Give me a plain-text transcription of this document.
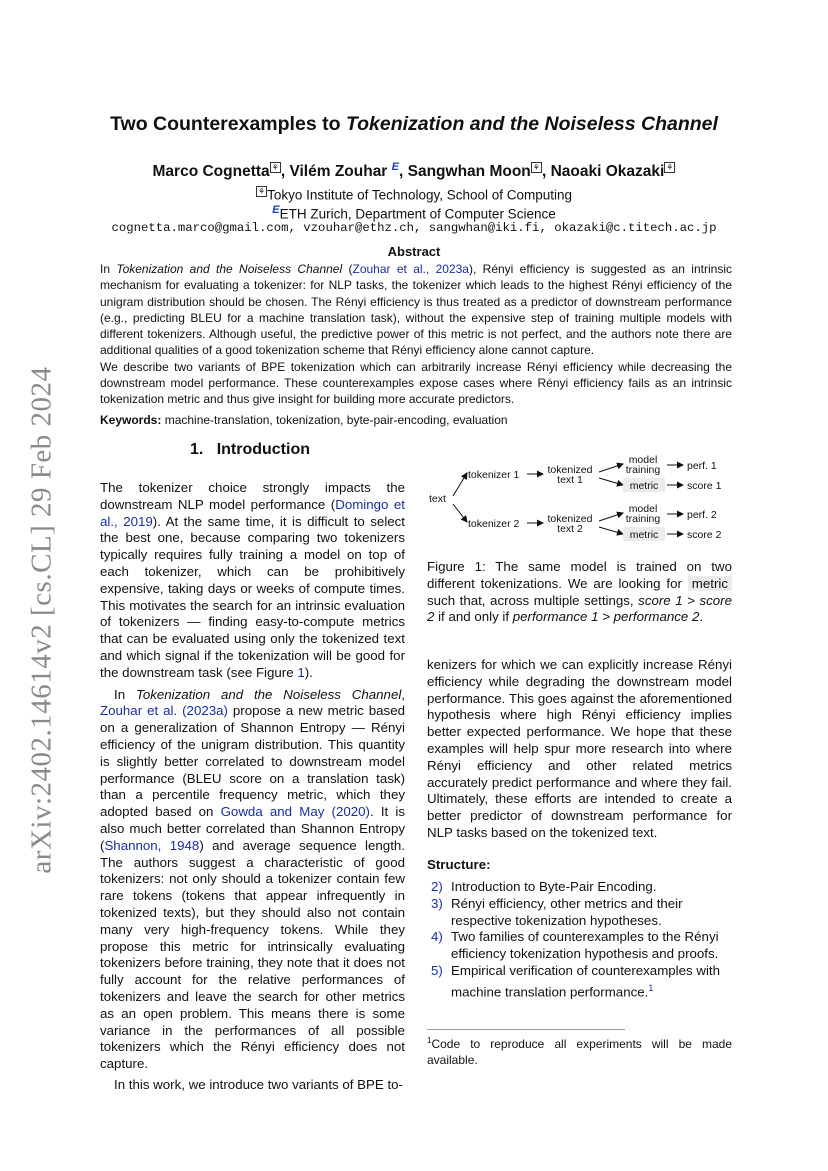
arXiv:2402.14614v2 [cs.CL] 29 Feb 2024
Two Counterexamples to Tokenization and the Noiseless Channel
Marco Cognetta ⚘ , Vilém Zouhar $^E$, Sangwhan Moon ⚘ , Naoaki Okazaki ⚘
⚘ Tokyo Institute of Technology, School of Computing
$^E$ETH Zurich, Department of Computer Science
cognetta.marco@gmail.com, vzouhar@ethz.ch, sangwhan@iki.fi, okazaki@c.titech.ac.jp
Abstract

In Tokenization and the Noiseless Channel (Zouhar et al., 2023a), Rényi efficiency is suggested as an intrinsic mechanism for evaluating a tokenizer: for NLP tasks, the tokenizer which leads to the highest Rényi efficiency of the unigram distribution should be chosen. The Rényi efficiency is thus treated as a predictor of downstream performance (e.g., predicting BLEU for a machine translation task), without the expensive step of training multiple models with different tokenizers. Although useful, the predictive power of this metric is not perfect, and the authors note there are additional qualities of a good tokenization scheme that Rényi efficiency alone cannot capture.

We describe two variants of BPE tokenization which can arbitrarily increase Rényi efficiency while decreasing the downstream model performance. These counterexamples expose cases where Rényi efficiency fails as an intrinsic tokenization metric and thus give insight for building more accurate predictors.

Keywords: machine-translation, tokenization, byte-pair-encoding, evaluation
1. Introduction

The tokenizer choice strongly impacts the downstream NLP model performance (Domingo et al., 2019). At the same time, it is difficult to select the best one, because comparing two tokenizers typically requires fully training a model on top of each tokenizer, which can be prohibitively expensive, taking days or weeks of compute times. This motivates the search for an intrinsic evaluation of tokenizers — finding easy-to-compute metrics that can be evaluated using only the tokenized text and which signal if the tokenization will be good for the downstream task (see Figure 1).

In Tokenization and the Noiseless Channel, Zouhar et al. (2023a) propose a new metric based on a generalization of Shannon Entropy — Rényi efficiency of the unigram distribution. This quantity is slightly better correlated to downstream model performance (BLEU score on a translation task) than a percentile frequency metric, which they adopted based on Gowda and May (2020). It is also much better correlated than Shannon Entropy (Shannon, 1948) and average sequence length. The authors suggest a characteristic of good tokenizers: not only should a tokenizer contain few rare tokens (tokens that appear infrequently in tokenized texts), but they should also not contain many very high-frequency tokens. While they propose this metric for intrinsically evaluating tokenizers before training, they note that it does not fully account for the relative performances of tokenizers and leave the search for other metrics as an open problem. This means there is some variance in the performances of all possible tokenizers which the Rényi efficiency does not capture.

In this work, we introduce two variants of BPE to-

text
tokenizer 1
tokenizer 2
tokenized
text 1
tokenized
text 2
model
training
model
training
metric
metric
perf. 1
score 1
perf. 2
score 2

Figure 1: The same model is trained on two different tokenizations. We are looking for metric such that, across multiple settings, score 1 > score 2 if and only if performance 1 > performance 2.

kenizers for which we can explicitly increase Rényi efficiency while degrading the downstream model performance. This goes against the aforementioned hypothesis where high Rényi efficiency implies better expected performance. We hope that these examples will help spur more research into where Rényi efficiency and other related metrics accurately predict performance and where they fail. Ultimately, these efforts are intended to create a better predictor of downstream performance for NLP tasks based on the tokenized text.

Structure:
2) Introduction to Byte-Pair Encoding.
3) Rényi efficiency, other metrics and their respective tokenization hypotheses.
4) Two families of counterexamples to the Rényi efficiency tokenization hypothesis and proofs.
5) Empirical verification of counterexamples with machine translation performance.$^1$
$^1$Code to reproduce all experiments will be made available.
